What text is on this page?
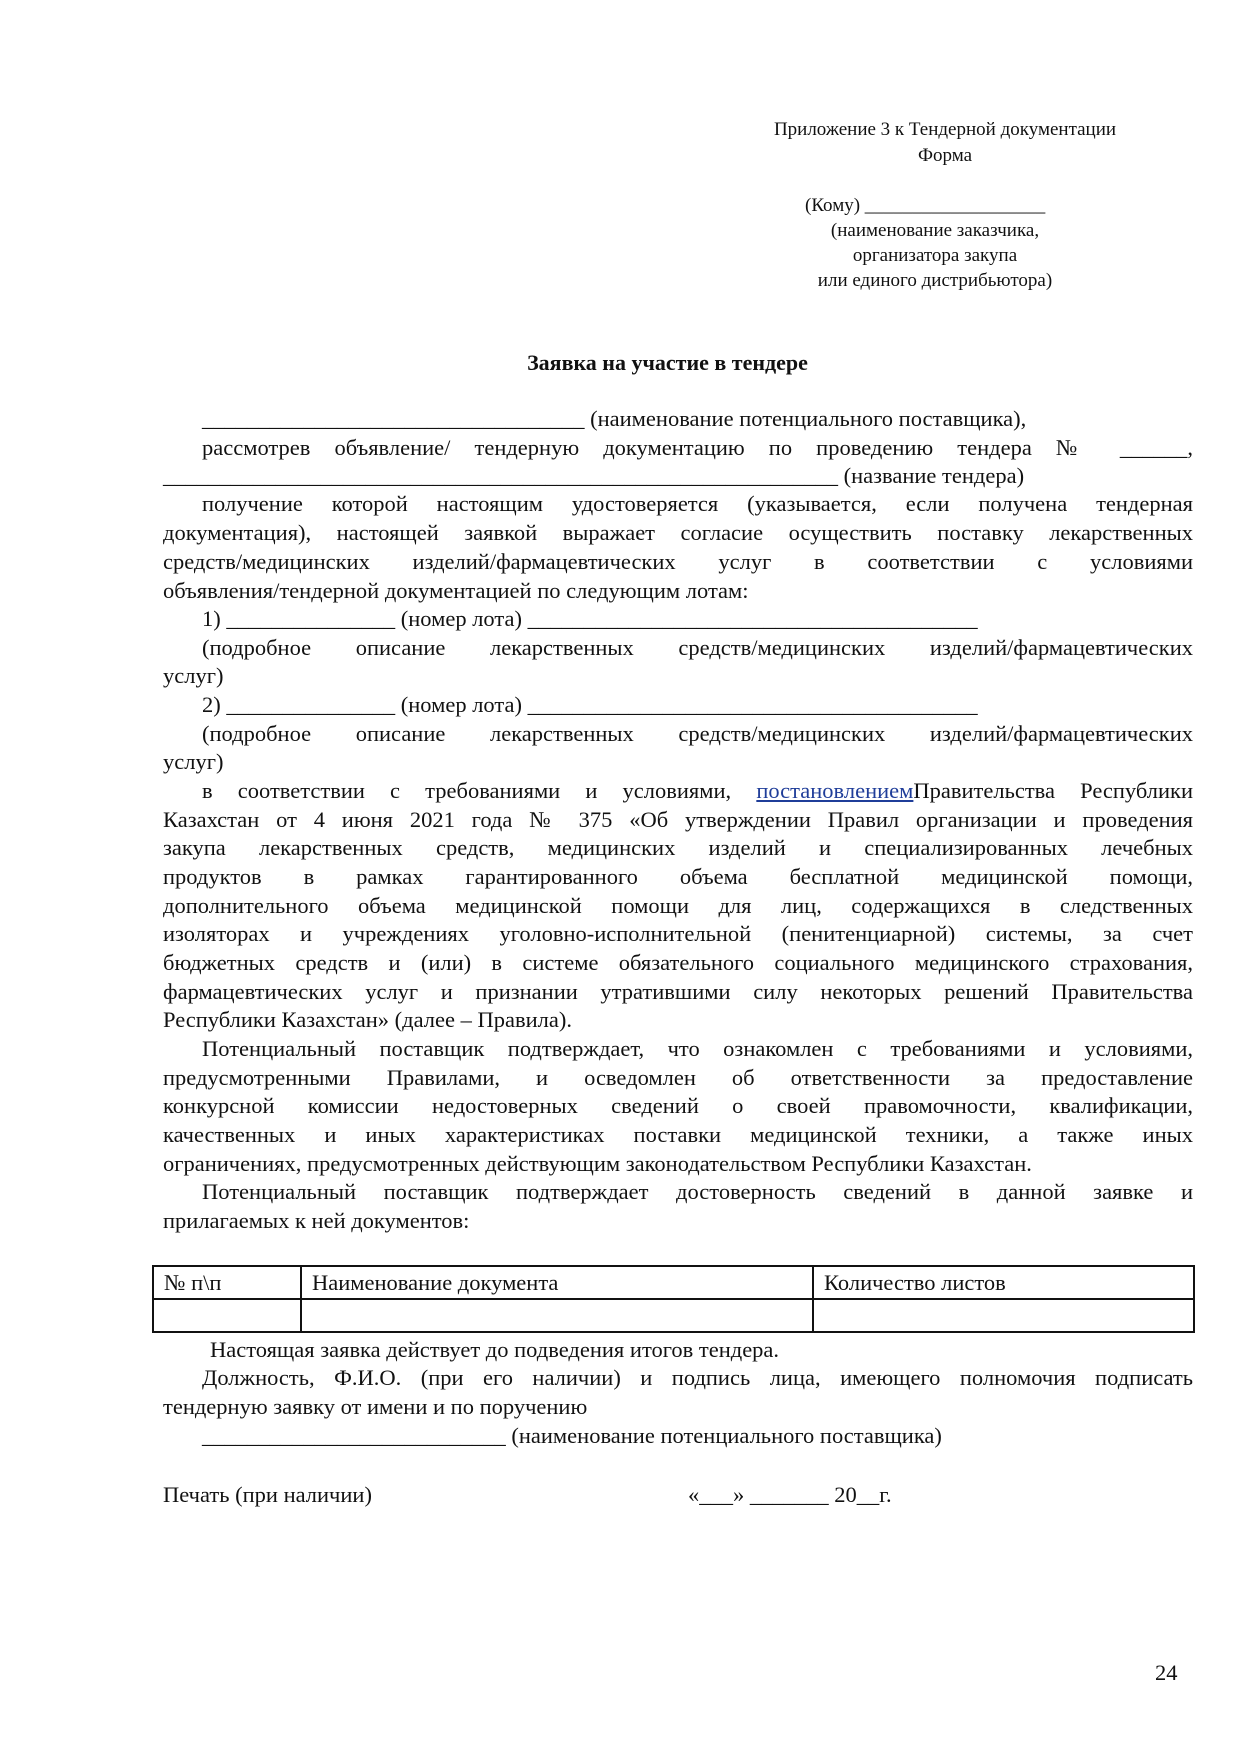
Приложение 3 к Тендерной документации
Форма
(Кому) ___________________
(наименование заказчика,
организатора закупа
или единого дистрибьютора)
Заявка на участие в тендере
__________________________________ (наименование потенциального поставщика),
рассмотрев объявление/ тендерную документацию по проведению тендера № ______,
____________________________________________________________ (название тендера)
получение которой настоящим удостоверяется (указывается, если получена тендерная
документация), настоящей заявкой выражает согласие осуществить поставку лекарственных
средств/медицинских изделий/фармацевтических услуг в соответствии с условиями
объявления/тендерной документацией по следующим лотам:
1) _______________ (номер лота) ________________________________________
(подробное описание лекарственных средств/медицинских изделий/фармацевтических
услуг)
2) _______________ (номер лота) ________________________________________
(подробное описание лекарственных средств/медицинских изделий/фармацевтических
услуг)
в соответствии с требованиями и условиями, постановлениемПравительства Республики
Казахстан от 4 июня 2021 года № 375 «Об утверждении Правил организации и проведения
закупа лекарственных средств, медицинских изделий и специализированных лечебных
продуктов в рамках гарантированного объема бесплатной медицинской помощи,
дополнительного объема медицинской помощи для лиц, содержащихся в следственных
изоляторах и учреждениях уголовно-исполнительной (пенитенциарной) системы, за счет
бюджетных средств и (или) в системе обязательного социального медицинского страхования,
фармацевтических услуг и признании утратившими силу некоторых решений Правительства
Республики Казахстан» (далее – Правила).
Потенциальный поставщик подтверждает, что ознакомлен с требованиями и условиями,
предусмотренными Правилами, и осведомлен об ответственности за предоставление
конкурсной комиссии недостоверных сведений о своей правомочности, квалификации,
качественных и иных характеристиках поставки медицинской техники, а также иных
ограничениях, предусмотренных действующим законодательством Республики Казахстан.
Потенциальный поставщик подтверждает достоверность сведений в данной заявке и
прилагаемых к ней документов:
№ п\п	Наименование документа	Количество листов

Настоящая заявка действует до подведения итогов тендера.
Должность, Ф.И.О. (при его наличии) и подпись лица, имеющего полномочия подписать
тендерную заявку от имени и по поручению
___________________________ (наименование потенциального поставщика)
Печать (при наличии)	«___» _______ 20__г.
24
